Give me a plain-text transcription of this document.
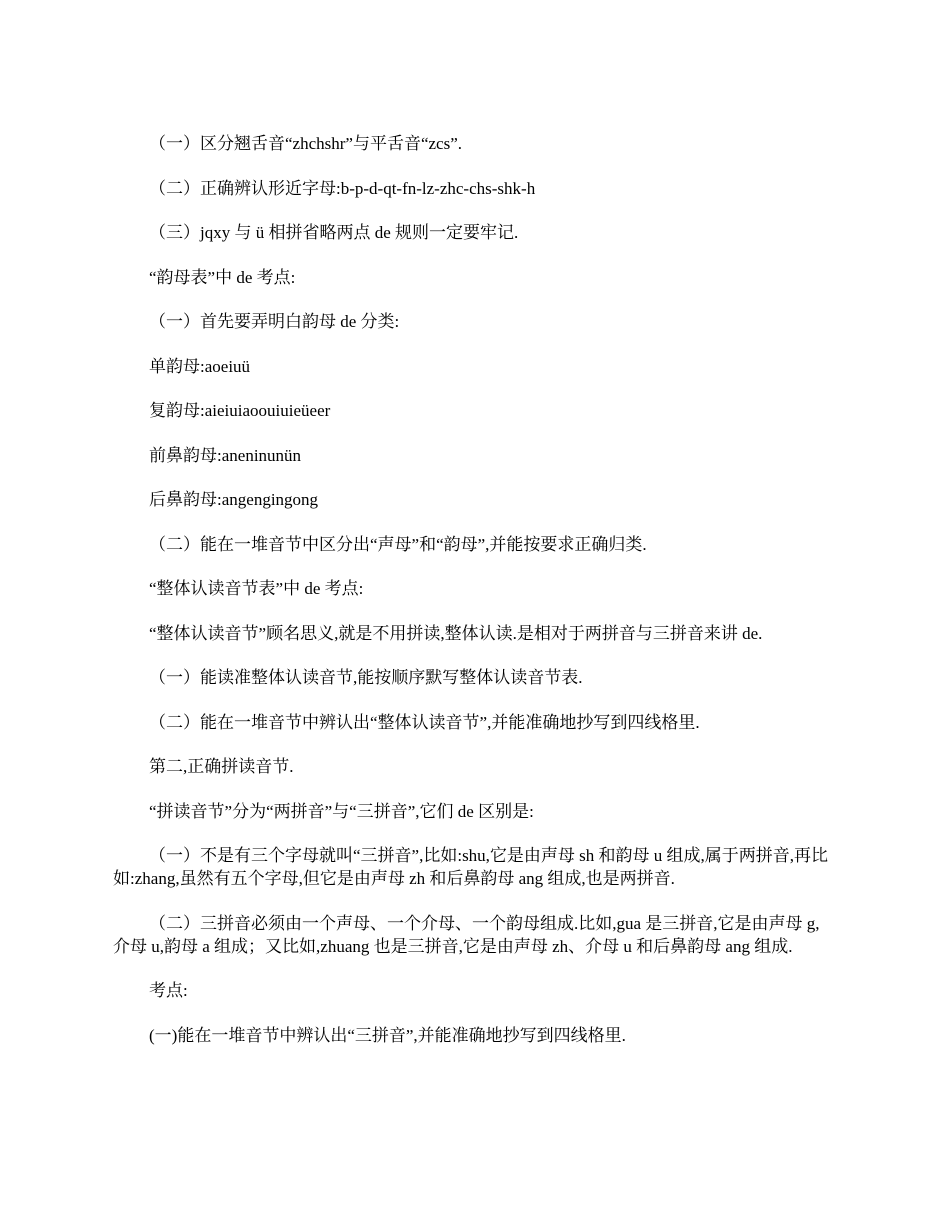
（一）区分翘舌音“zhchshr”与平舌音“zcs”.

（二）正确辨认形近字母:b-p-d-qt-fn-lz-zhc-chs-shk-h

（三）jqxy 与 ü 相拼省略两点 de 规则一定要牢记.

“韵母表”中 de 考点:

（一）首先要弄明白韵母 de 分类:

单韵母:aoeiuü

复韵母:aieiuiaoouiuieüeer

前鼻韵母:aneninunün

后鼻韵母:angengingong

（二）能在一堆音节中区分出“声母”和“韵母”,并能按要求正确归类.

“整体认读音节表”中 de 考点:

“整体认读音节”顾名思义,就是不用拼读,整体认读.是相对于两拼音与三拼音来讲 de.

（一）能读准整体认读音节,能按顺序默写整体认读音节表.

（二）能在一堆音节中辨认出“整体认读音节”,并能准确地抄写到四线格里.

第二,正确拼读音节.

“拼读音节”分为“两拼音”与“三拼音”,它们 de 区别是:

（一）不是有三个字母就叫“三拼音”,比如:shu,它是由声母 sh 和韵母 u 组成,属于两拼音,再比如:zhang,虽然有五个字母,但它是由声母 zh 和后鼻韵母 ang 组成,也是两拼音.

（二）三拼音必须由一个声母、一个介母、一个韵母组成.比如,gua 是三拼音,它是由声母 g,介母 u,韵母 a 组成；又比如,zhuang 也是三拼音,它是由声母 zh、介母 u 和后鼻韵母 ang 组成.

考点:

(一)能在一堆音节中辨认出“三拼音”,并能准确地抄写到四线格里.
